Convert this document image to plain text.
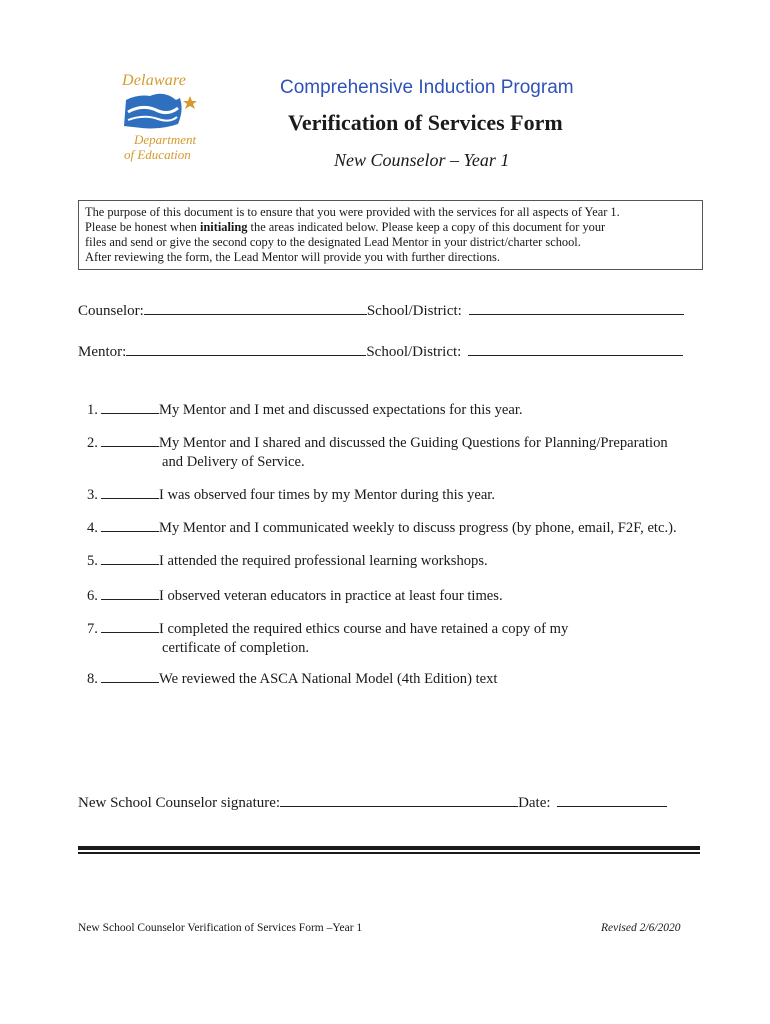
Delaware
Department
of Education
Comprehensive Induction Program
Verification of Services Form
New Counselor – Year 1

The purpose of this document is to ensure that you were provided with the services for all aspects of Year 1.

Please be honest when initialing the areas indicated below. Please keep a copy of this document for your

files and send or give the second copy to the designated Lead Mentor in your district/charter school.

After reviewing the form, the Lead Mentor will provide you with further directions.

Counselor:	School/District:
Mentor:	School/District:
1.	My Mentor and I met and discussed expectations for this year.
2.	My Mentor and I shared and discussed the Guiding Questions for Planning/Preparation
and Delivery of Service.
3.	I was observed four times by my Mentor during this year.
4.	My Mentor and I communicated weekly to discuss progress (by phone, email, F2F, etc.).
5.	I attended the required professional learning workshops.
6.	I observed veteran educators in practice at least four times.
7.	I completed the required ethics course and have retained a copy of my
certificate of completion.
8.	We reviewed the ASCA National Model (4th Edition) text
New School Counselor signature:	Date:
New School Counselor Verification of Services Form –Year 1	Revised 2/6/2020
